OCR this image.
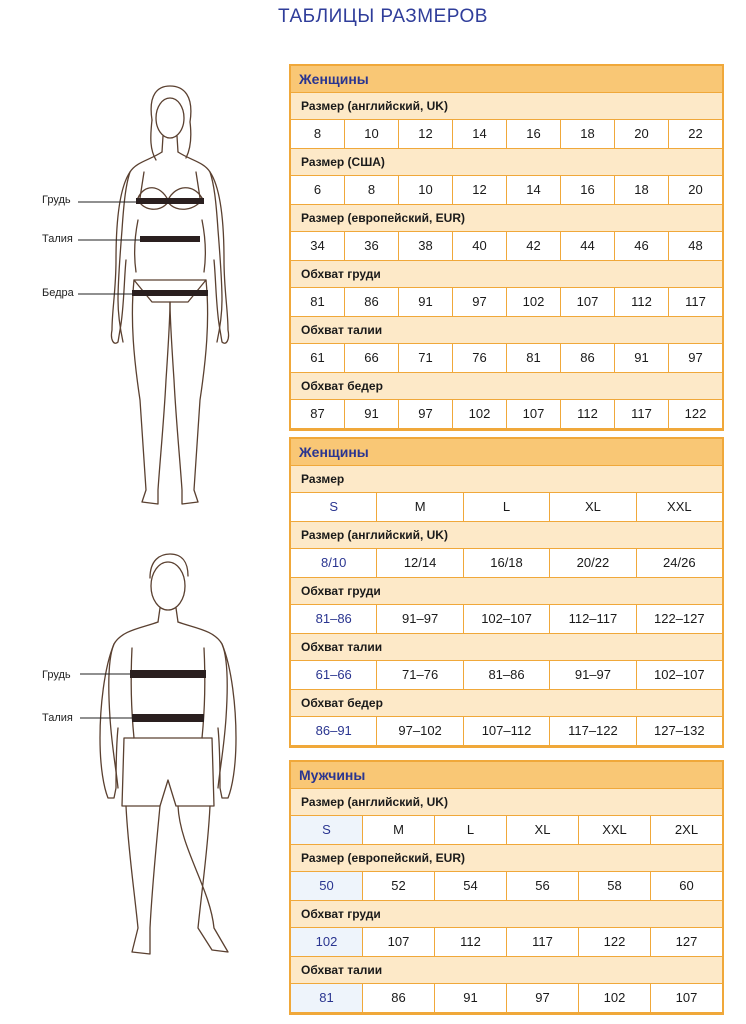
ТАБЛИЦЫ РАЗМЕРОВ
Грудь
Талия
Бедра
Грудь
Талия
Женщины
Размер (английский, UK)
8	10	12	14	16	18	20	22
Размер (США)
6	8	10	12	14	16	18	20
Размер (европейский, EUR)
34	36	38	40	42	44	46	48
Обхват груди
81	86	91	97	102	107	112	117
Обхват талии
61	66	71	76	81	86	91	97
Обхват бедер
87	91	97	102	107	112	117	122
Женщины
Размер
S	M	L	XL	XXL
Размер (английский, UK)
8/10	12/14	16/18	20/22	24/26
Обхват груди
81–86	91–97	102–107	112–117	122–127
Обхват талии
61–66	71–76	81–86	91–97	102–107
Обхват бедер
86–91	97–102	107–112	117–122	127–132
Мужчины
Размер (английский, UK)
S	M	L	XL	XXL	2XL
Размер (европейский, EUR)
50	52	54	56	58	60
Обхват груди
102	107	112	117	122	127
Обхват талии
81	86	91	97	102	107
